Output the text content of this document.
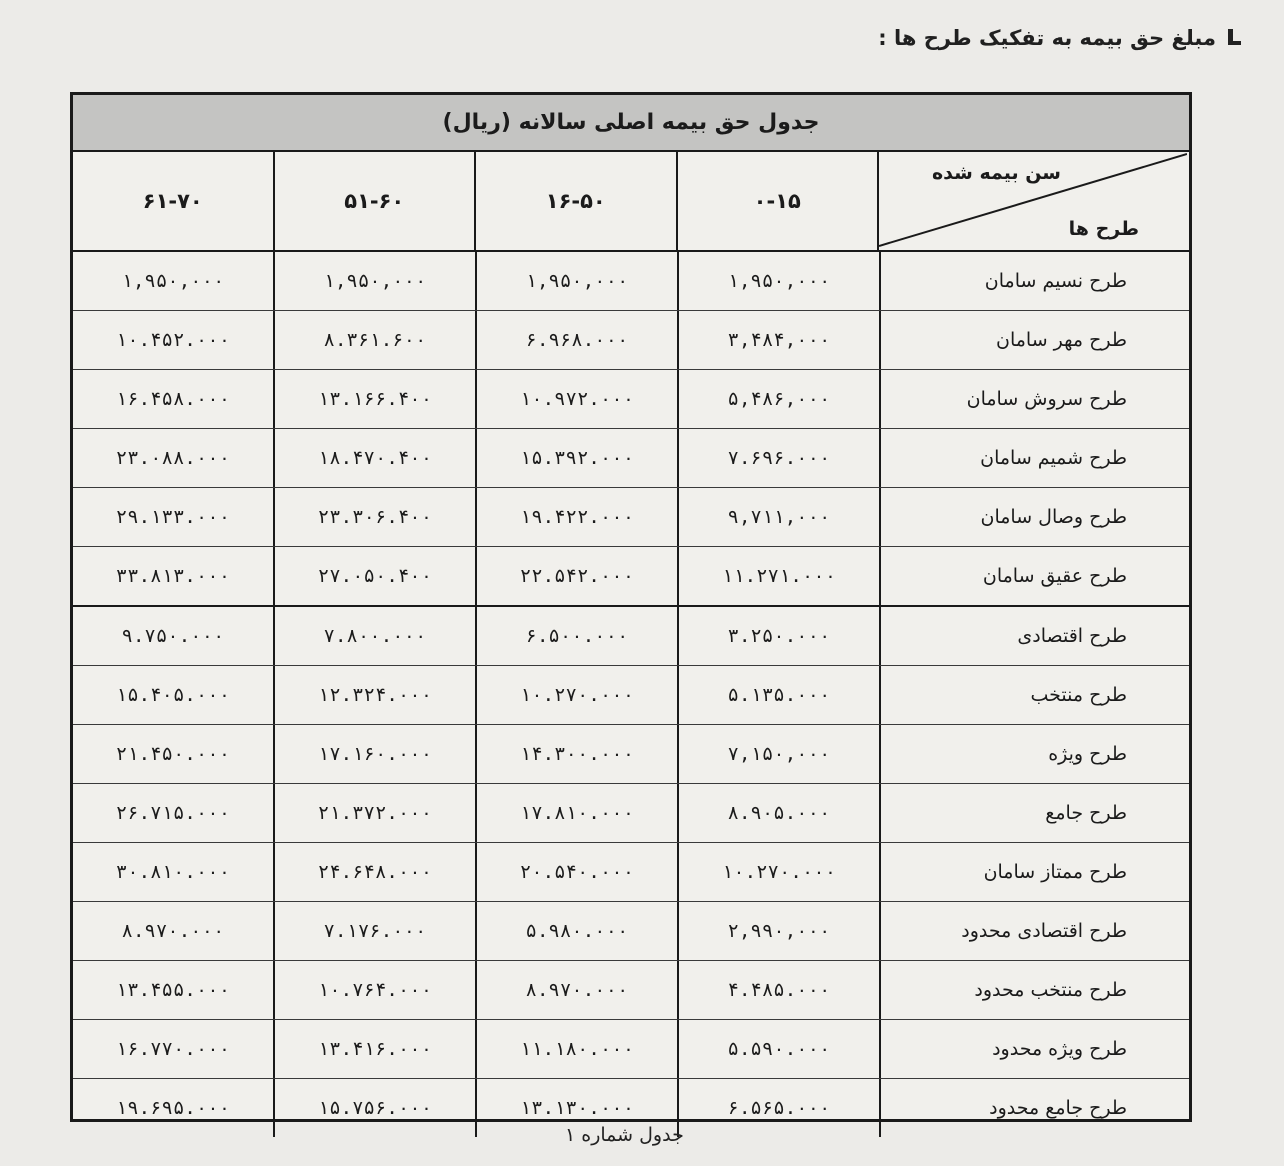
مبلغ حق بیمه به تفکیک طرح ها :
جدول حق بیمه اصلی سالانه (ریال)
سن بیمه شده
طرح ها
۰-۱۵
۱۶-۵۰
۵۱-۶۰
۶۱-۷۰
طرح نسیم سامان
۱,۹۵۰,۰۰۰
۱,۹۵۰,۰۰۰
۱,۹۵۰,۰۰۰
۱,۹۵۰,۰۰۰
طرح مهر سامان
۳,۴۸۴,۰۰۰
۶.۹۶۸.۰۰۰
۸.۳۶۱.۶۰۰
۱۰.۴۵۲.۰۰۰
طرح سروش سامان
۵,۴۸۶,۰۰۰
۱۰.۹۷۲.۰۰۰
۱۳.۱۶۶.۴۰۰
۱۶.۴۵۸.۰۰۰
طرح شمیم سامان
۷.۶۹۶.۰۰۰
۱۵.۳۹۲.۰۰۰
۱۸.۴۷۰.۴۰۰
۲۳.۰۸۸.۰۰۰
طرح وصال سامان
۹,۷۱۱,۰۰۰
۱۹.۴۲۲.۰۰۰
۲۳.۳۰۶.۴۰۰
۲۹.۱۳۳.۰۰۰
طرح عقیق سامان
۱۱.۲۷۱.۰۰۰
۲۲.۵۴۲.۰۰۰
۲۷.۰۵۰.۴۰۰
۳۳.۸۱۳.۰۰۰
طرح اقتصادی
۳.۲۵۰.۰۰۰
۶.۵۰۰.۰۰۰
۷.۸۰۰.۰۰۰
۹.۷۵۰.۰۰۰
طرح منتخب
۵.۱۳۵.۰۰۰
۱۰.۲۷۰.۰۰۰
۱۲.۳۲۴.۰۰۰
۱۵.۴۰۵.۰۰۰
طرح ویژه
۷,۱۵۰,۰۰۰
۱۴.۳۰۰.۰۰۰
۱۷.۱۶۰.۰۰۰
۲۱.۴۵۰.۰۰۰
طرح جامع
۸.۹۰۵.۰۰۰
۱۷.۸۱۰.۰۰۰
۲۱.۳۷۲.۰۰۰
۲۶.۷۱۵.۰۰۰
طرح ممتاز سامان
۱۰.۲۷۰.۰۰۰
۲۰.۵۴۰.۰۰۰
۲۴.۶۴۸.۰۰۰
۳۰.۸۱۰.۰۰۰
طرح اقتصادی محدود
۲,۹۹۰,۰۰۰
۵.۹۸۰.۰۰۰
۷.۱۷۶.۰۰۰
۸.۹۷۰.۰۰۰
طرح منتخب محدود
۴.۴۸۵.۰۰۰
۸.۹۷۰.۰۰۰
۱۰.۷۶۴.۰۰۰
۱۳.۴۵۵.۰۰۰
طرح ویژه محدود
۵.۵۹۰.۰۰۰
۱۱.۱۸۰.۰۰۰
۱۳.۴۱۶.۰۰۰
۱۶.۷۷۰.۰۰۰
طرح جامع محدود
۶.۵۶۵.۰۰۰
۱۳.۱۳۰.۰۰۰
۱۵.۷۵۶.۰۰۰
۱۹.۶۹۵.۰۰۰
جدول شماره ۱
